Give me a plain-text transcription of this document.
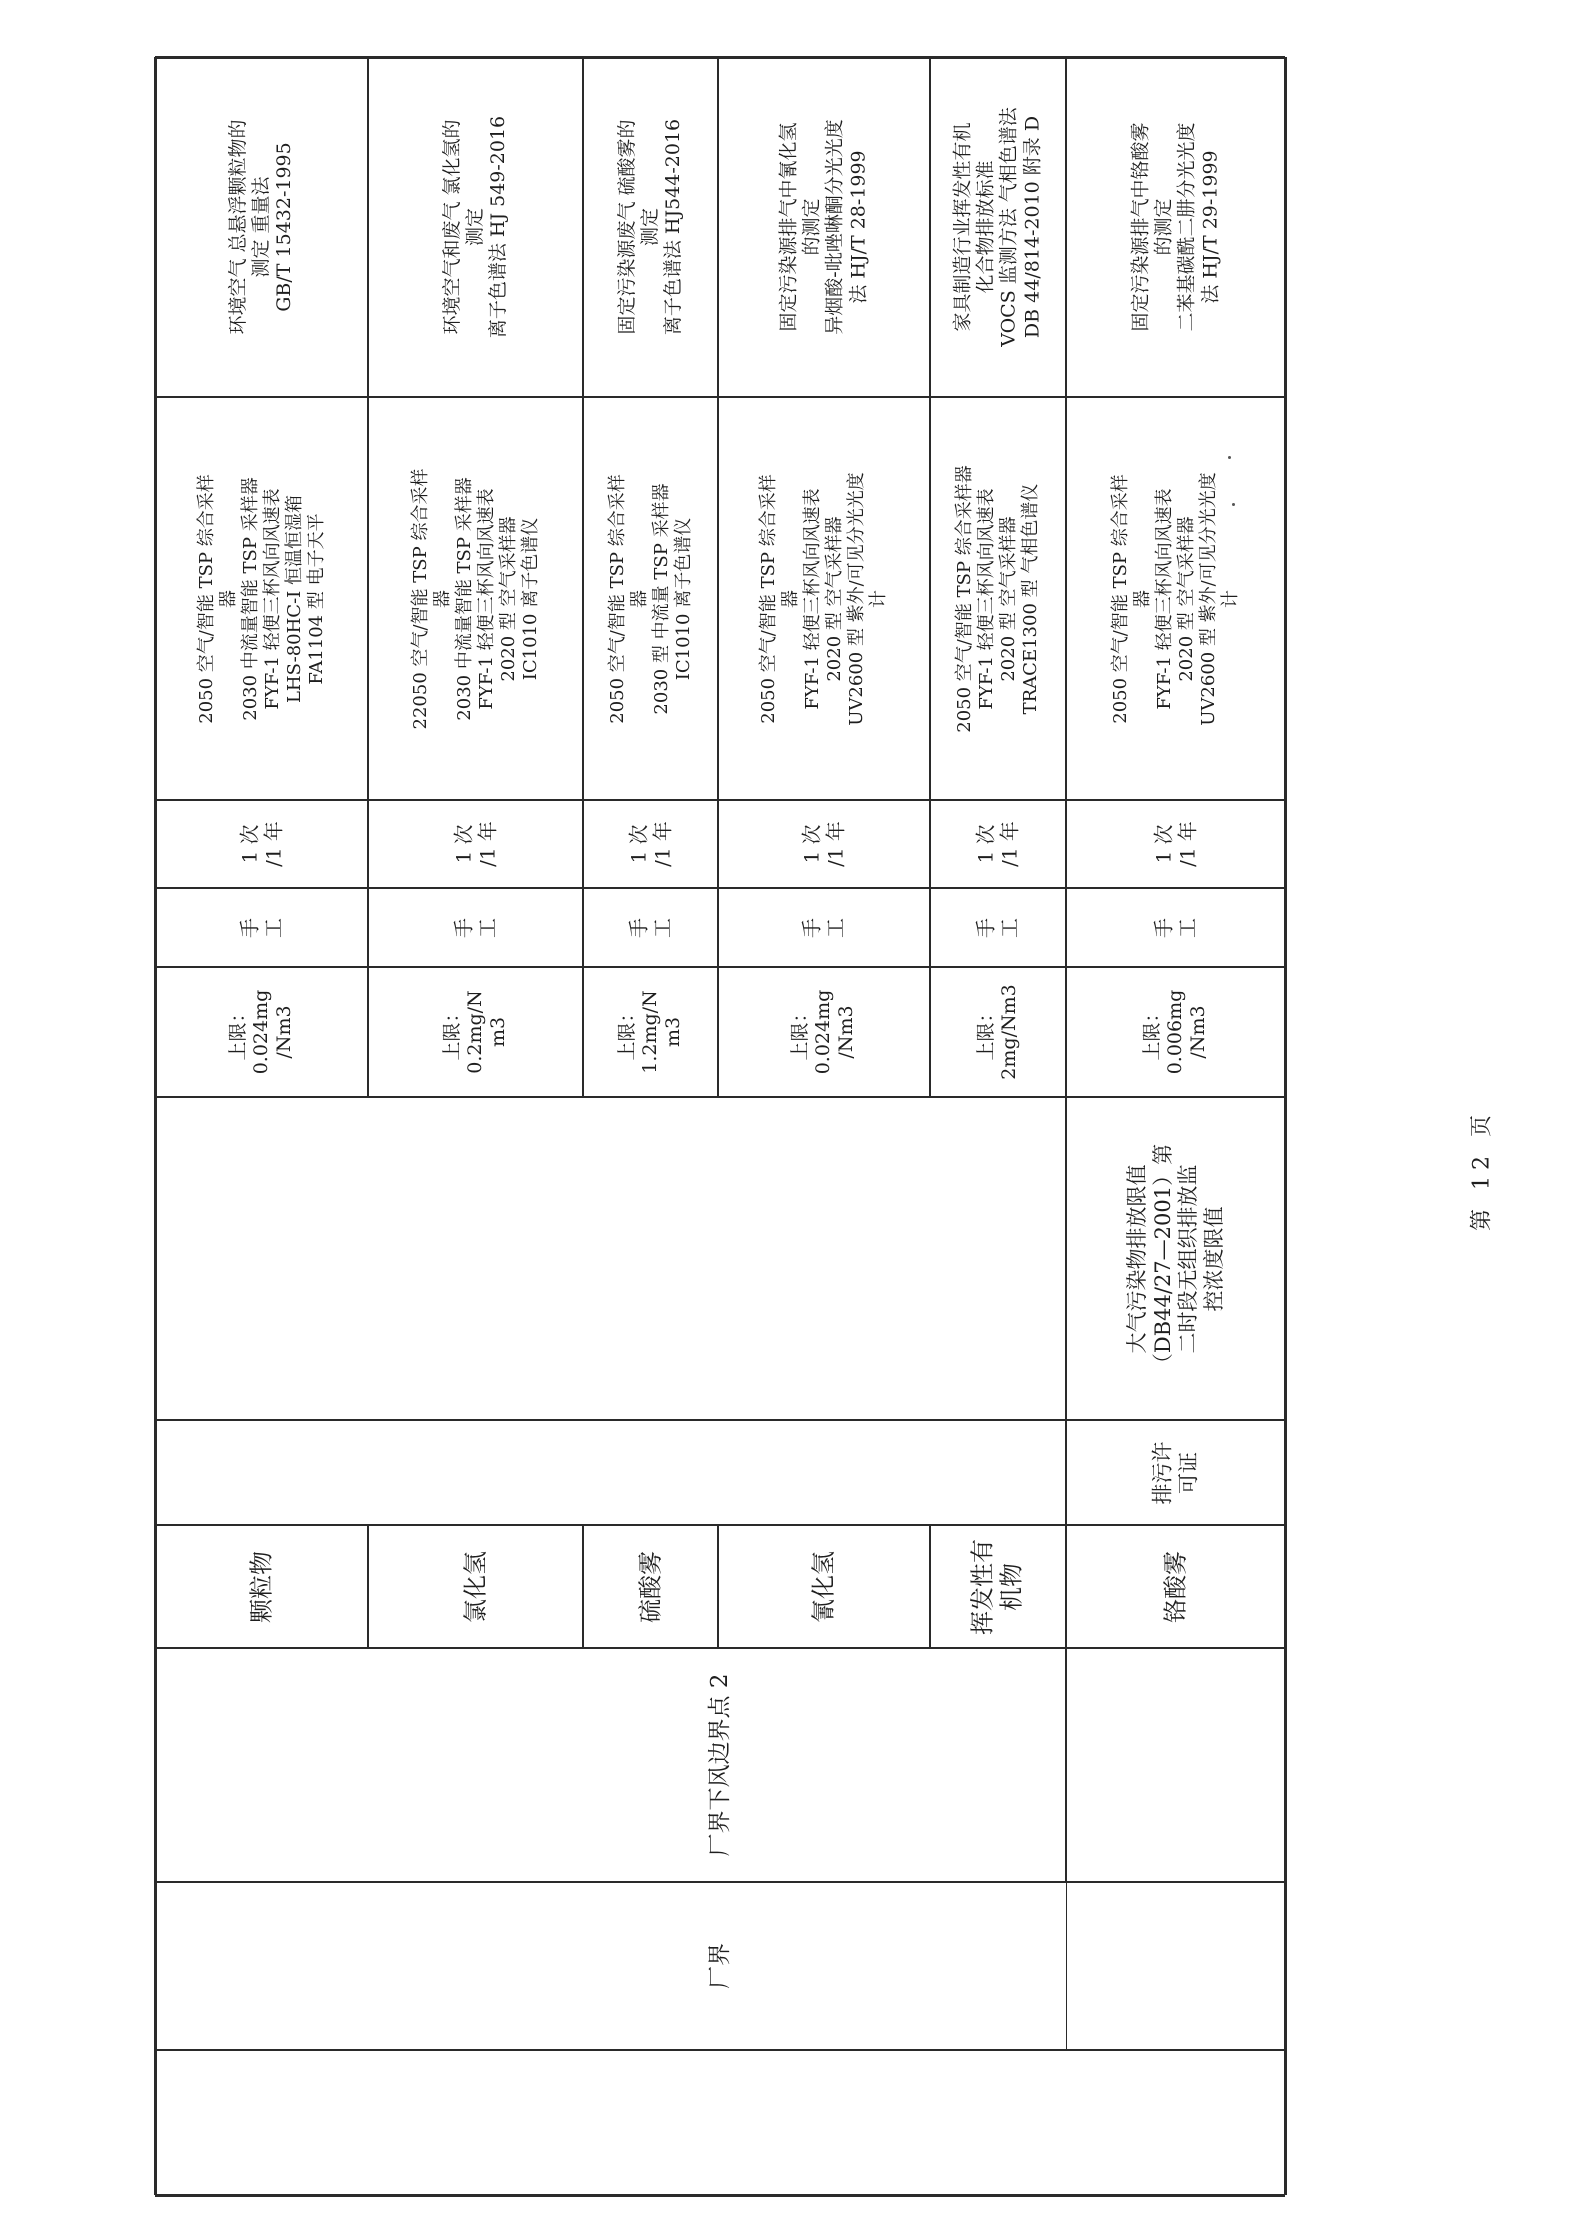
环境空气 总悬浮颗粒物的
测定 重量法
GB/T 15432-1995
2050 空气/智能 TSP 综合采样
器
2030 中流量智能 TSP 采样器
FYF-1 轻便三杯风向风速表
LHS-80HC-I 恒温恒湿箱
FA1104 型 电子天平
1 次
/1 年
手
工
上限：
0.024mg
/Nm3
颗粒物
环境空气和废气 氯化氢的
测定
离子色谱法 HJ 549-2016
22050 空气/智能 TSP 综合采样
器
2030 中流量智能 TSP 采样器
FYF-1 轻便三杯风向风速表
2020 型 空气采样器
IC1010 离子色谱仪
1 次
/1 年
手
工
上限：
0.2mg/N
m3
氯化氢
固定污染源废气 硫酸雾的
测定
离子色谱法 HJ544-2016
2050 空气/智能 TSP 综合采样
器
2030 型 中流量 TSP 采样器
IC1010 离子色谱仪
1 次
/1 年
手
工
上限：
1.2mg/N
m3
硫酸雾
固定污染源排气中氰化氢
的测定
异烟酸-吡唑啉酮分光光度
法 HJ/T 28-1999
2050 空气/智能 TSP 综合采样
器
FYF-1 轻便三杯风向风速表
2020 型 空气采样器
UV2600 型 紫外/可见分光光度
计
1 次
/1 年
手
工
上限：
0.024mg
/Nm3
氰化氢
家具制造行业挥发性有机
化合物排放标准
VOCS 监测方法 气相色谱法
DB 44/814-2010 附录 D
2050 空气/智能 TSP 综合采样器
FYF-1 轻便三杯风向风速表
2020 型 空气采样器
TRACE1300 型 气相色谱仪
1 次
/1 年
手
工
上限：
2mg/Nm3
挥发性有
机物
固定污染源排气中铬酸雾
的测定
二苯基碳酰二肼分光光度
法 HJ/T 29-1999
2050 空气/智能 TSP 综合采样
器
FYF-1 轻便三杯风向风速表
2020 型 空气采样器
UV2600 型 紫外/可见分光光度
计
1 次
/1 年
手
工
上限：
0.006mg
/Nm3
铬酸雾
大气污染物排放限值
（DB44/27—2001）第
二时段无组织排放监
控浓度限值
排污许
可证
厂界下风边界点 2
厂界
第 12 页
